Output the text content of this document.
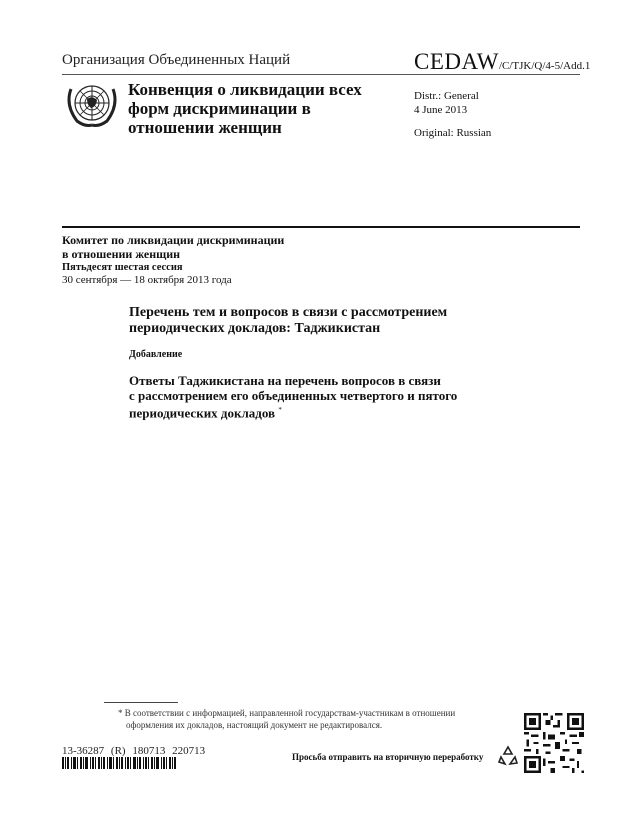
Организация Объединенных Наций	CEDAW/C/TJK/Q/4-5/Add.1
Конвенция о ликвидации всех
форм дискриминации в
отношении женщин
Distr.: General
4 June 2013
Original: Russian
Комитет по ликвидации дискриминации
в отношении женщин
Пятьдесят шестая сессия
30 сентября — 18 октября 2013 года
Перечень тем и вопросов в связи с рассмотрением
периодических докладов: Таджикистан
Добавление
Ответы Таджикистана на перечень вопросов в связи
с рассмотрением его объединенных четвертого и пятого
периодических докладов *
* В соответствии с информацией, направленной государствам-участникам в отношении
оформления их докладов, настоящий документ не редактировался.
13-36287 (R) 180713 220713	Просьба отправить на вторичную переработку
